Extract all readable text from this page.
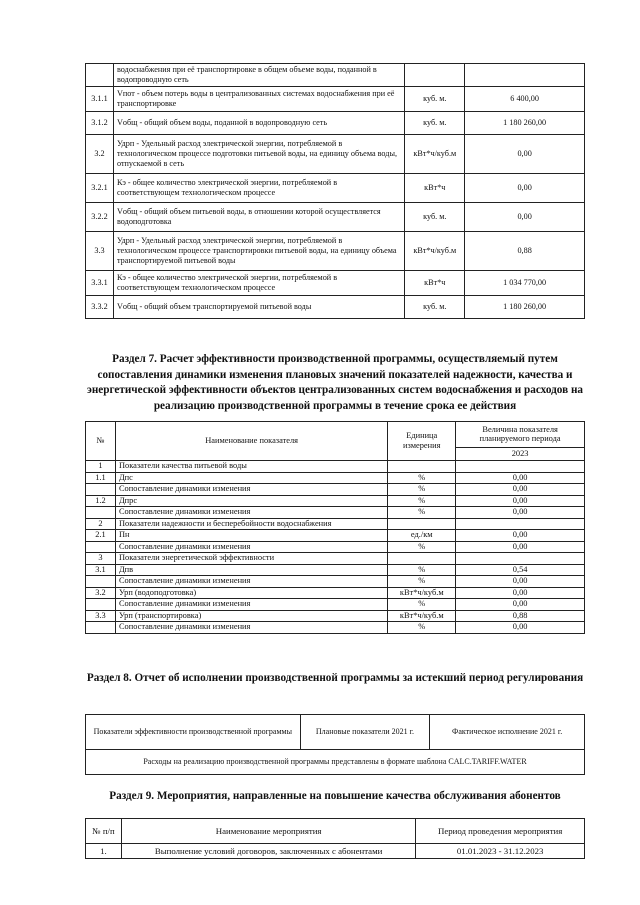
	водоснабжения при её транспортировке в общем объеме воды, поданной в водопроводную сеть		
3.1.1	Vпот - объем потерь воды в централизованных системах водоснабжения при её транспортировке	куб. м.	6 400,00
3.1.2	Vобщ - общий объем воды, поданной в водопроводную сеть	куб. м.	1 180 260,00
3.2	Удрп - Удельный расход электрической энергии, потребляемой в технологическом процессе подготовки питьевой воды, на единицу объема воды, отпускаемой в сеть	кВт*ч/куб.м	0,00
3.2.1	Кэ - общее количество электрической энергии, потребляемой в соответствующем технологическом процессе	кВт*ч	0,00
3.2.2	Vобщ - общий объем питьевой воды, в отношении которой осуществляется водоподготовка	куб. м.	0,00
3.3	Удрп - Удельный расход электрической энергии, потребляемой в технологическом процессе транспортировки питьевой воды, на единицу объема транспортируемой питьевой воды	кВт*ч/куб.м	0,88
3.3.1	Кэ - общее количество электрической энергии, потребляемой в соответствующем технологическом процессе	кВт*ч	1 034 770,00
3.3.2	Vобщ - общий объем транспортируемой питьевой воды	куб. м.	1 180 260,00
Раздел 7. Расчет эффективности производственной программы, осуществляемый путем сопоставления динамики изменения плановых значений показателей надежности, качества и энергетической эффективности объектов централизованных систем водоснабжения и расходов на реализацию производственной программы в течение срока ее действия
№	Наименование показателя	Единица измерения	Величина показателя планируемого периода
			2023
1	Показатели качества питьевой воды		
1.1	Дпс	%	0,00
	Сопоставление динамики изменения	%	0,00
1.2	Дпрс	%	0,00
	Сопоставление динамики изменения	%	0,00
2	Показатели надежности и бесперебойности водоснабжения		
2.1	Пн	ед./км	0,00
	Сопоставление динамики изменения	%	0,00
3	Показатели энергетической эффективности		
3.1	Дпв	%	0,54
	Сопоставление динамики изменения	%	0,00
3.2	Урп (водоподготовка)	кВт*ч/куб.м	0,00
	Сопоставление динамики изменения	%	0,00
3.3	Урп (транспортировка)	кВт*ч/куб.м	0,88
	Сопоставление динамики изменения	%	0,00
Раздел 8. Отчет об исполнении производственной программы за истекший период регулирования
Показатели эффективности производственной программы	Плановые показатели 2021 г.	Фактическое исполнение 2021 г.
Расходы на реализацию производственной программы представлены в формате шаблона CALC.TARIFF.WATER
Раздел 9. Мероприятия, направленные на повышение качества обслуживания абонентов
№ п/п	Наименование мероприятия	Период проведения мероприятия
1.	Выполнение условий договоров, заключенных с абонентами	01.01.2023 - 31.12.2023
